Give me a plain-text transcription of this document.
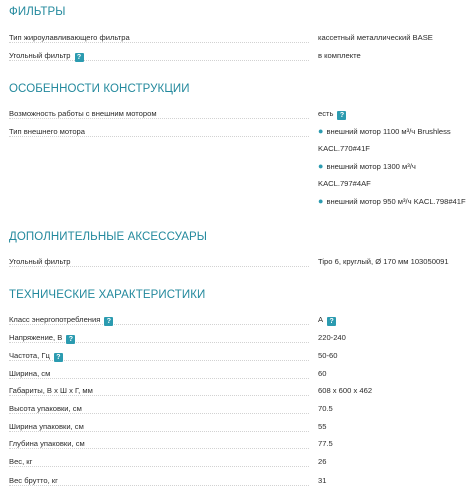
ФИЛЬТРЫ
Тип жироулавливающего фильтра	кассетный металлический BASE
Угольный фильтр ?	в комплекте
ОСОБЕННОСТИ КОНСТРУКЦИИ
Возможность работы с внешним мотором	есть ?
Тип внешнего мотора	● внешний мотор 1100 м³/ч Brushless
KACL.770#41F
● внешний мотор 1300 м³/ч
KACL.797#4AF
● внешний мотор 950 м³/ч KACL.798#41F
ДОПОЛНИТЕЛЬНЫЕ АКСЕССУАРЫ
Угольный фильтр	Tipo 6, круглый, Ø 170 мм 103050091
ТЕХНИЧЕСКИЕ ХАРАКТЕРИСТИКИ
Класс энергопотребления ?	A ?
Напряжение, В ?	220-240
Частота, Гц ?	50-60
Ширина, см	60
Габариты, В х Ш х Г, мм	608 x 600 x 462
Высота упаковки, см	70.5
Ширина упаковки, см	55
Глубина упаковки, см	77.5
Вес, кг	26
Вес брутто, кг	31
